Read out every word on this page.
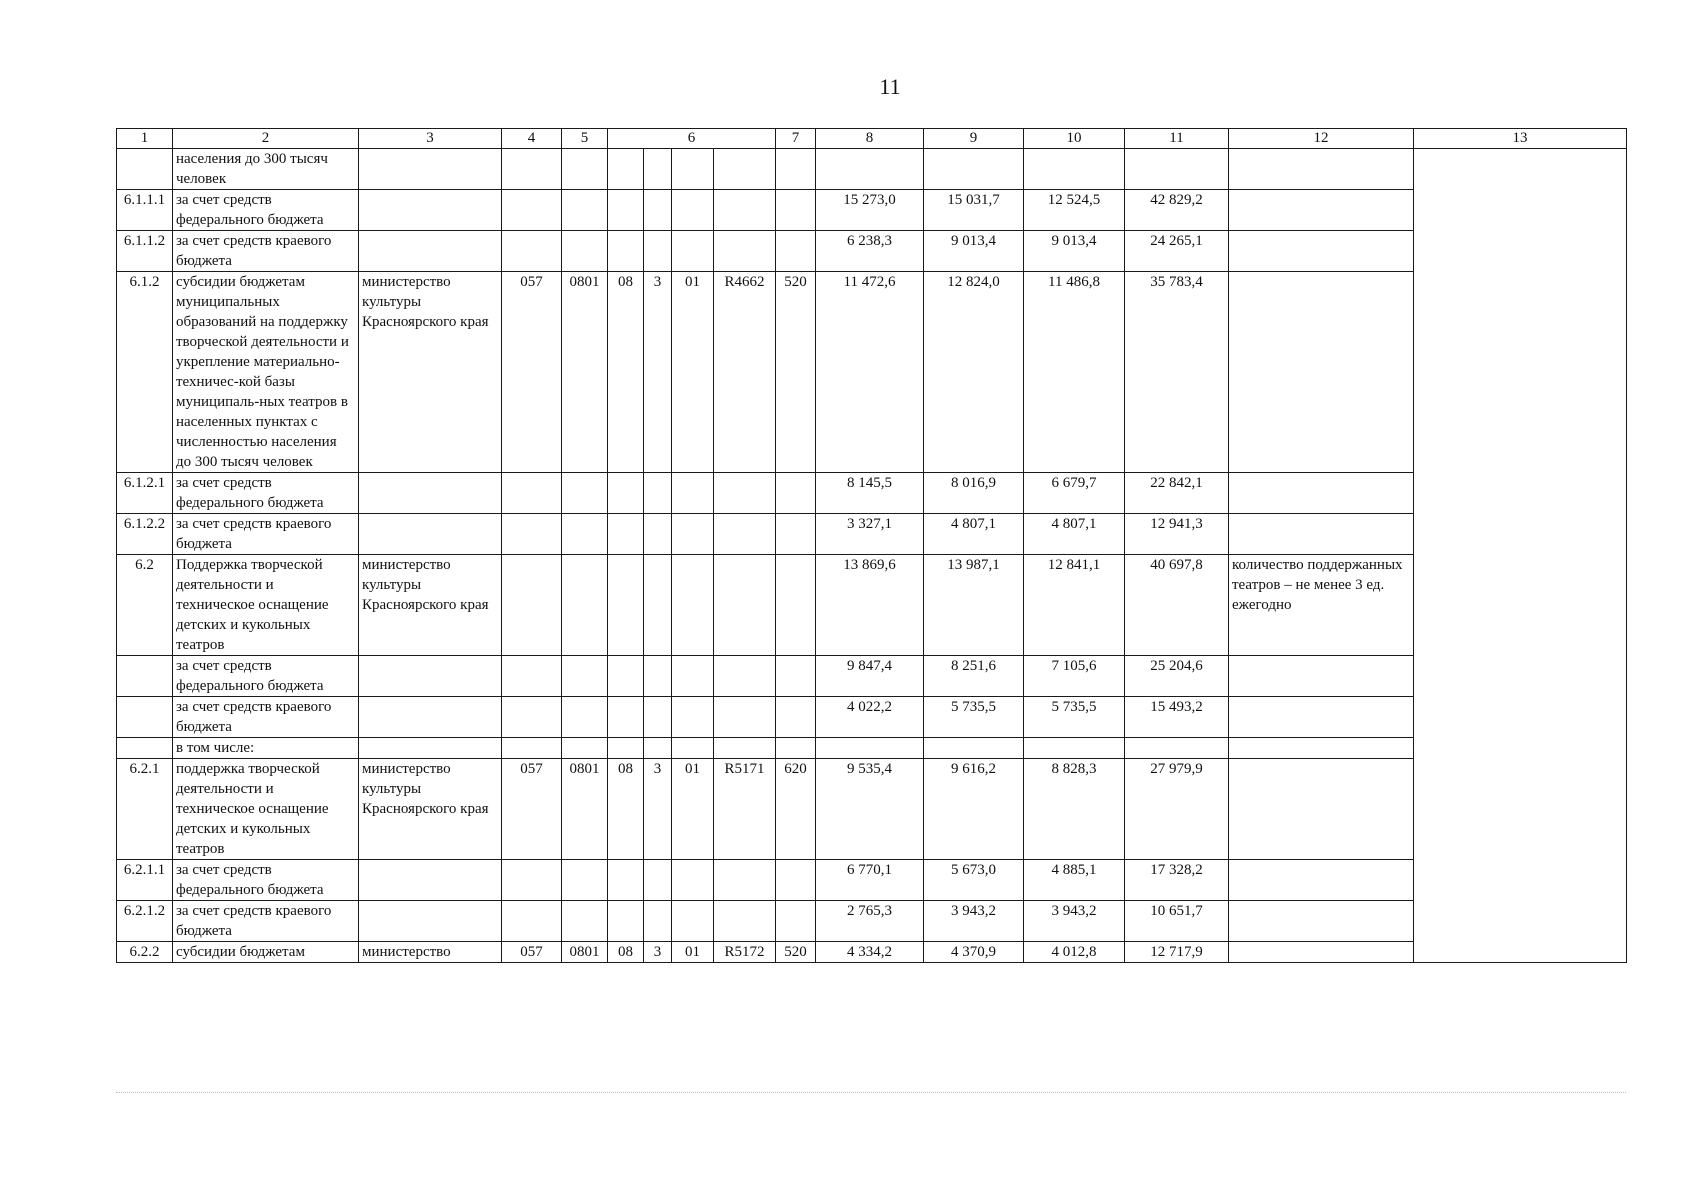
11
1	2	3	4	5	6				7	8	9	10	11	12	13
	населения до 300 тысяч человек														
6.1.1.1	за счет средств федерального бюджета									15 273,0	15 031,7	12 524,5	42 829,2		
6.1.1.2	за счет средств краевого бюджета									6 238,3	9 013,4	9 013,4	24 265,1		
6.1.2	субсидии бюджетам муниципальных образований на поддержку творческой деятельности и укрепление материально-техничес-кой базы муниципаль-ных театров в населенных пунктах с численностью населения до 300 тысяч человек	министерство культуры Красноярского края	057	0801	08	3	01	R4662	520	11 472,6	12 824,0	11 486,8	35 783,4		
6.1.2.1	за счет средств федерального бюджета									8 145,5	8 016,9	6 679,7	22 842,1		
6.1.2.2	за счет средств краевого бюджета									3 327,1	4 807,1	4 807,1	12 941,3		
6.2	Поддержка творческой деятельности и техническое оснащение детских и кукольных театров	министерство культуры Красноярского края								13 869,6	13 987,1	12 841,1	40 697,8	количество поддержанных театров – не менее 3 ед. ежегодно	
	за счет средств федерального бюджета									9 847,4	8 251,6	7 105,6	25 204,6		
	за счет средств краевого бюджета									4 022,2	5 735,5	5 735,5	15 493,2		
	в том числе:														
6.2.1	поддержка творческой деятельности и техническое оснащение детских и кукольных театров	министерство культуры Красноярского края	057	0801	08	3	01	R5171	620	9 535,4	9 616,2	8 828,3	27 979,9		
6.2.1.1	за счет средств федерального бюджета									6 770,1	5 673,0	4 885,1	17 328,2		
6.2.1.2	за счет средств краевого бюджета									2 765,3	3 943,2	3 943,2	10 651,7		
6.2.2	субсидии бюджетам	министерство	057	0801	08	3	01	R5172	520	4 334,2	4 370,9	4 012,8	12 717,9		
